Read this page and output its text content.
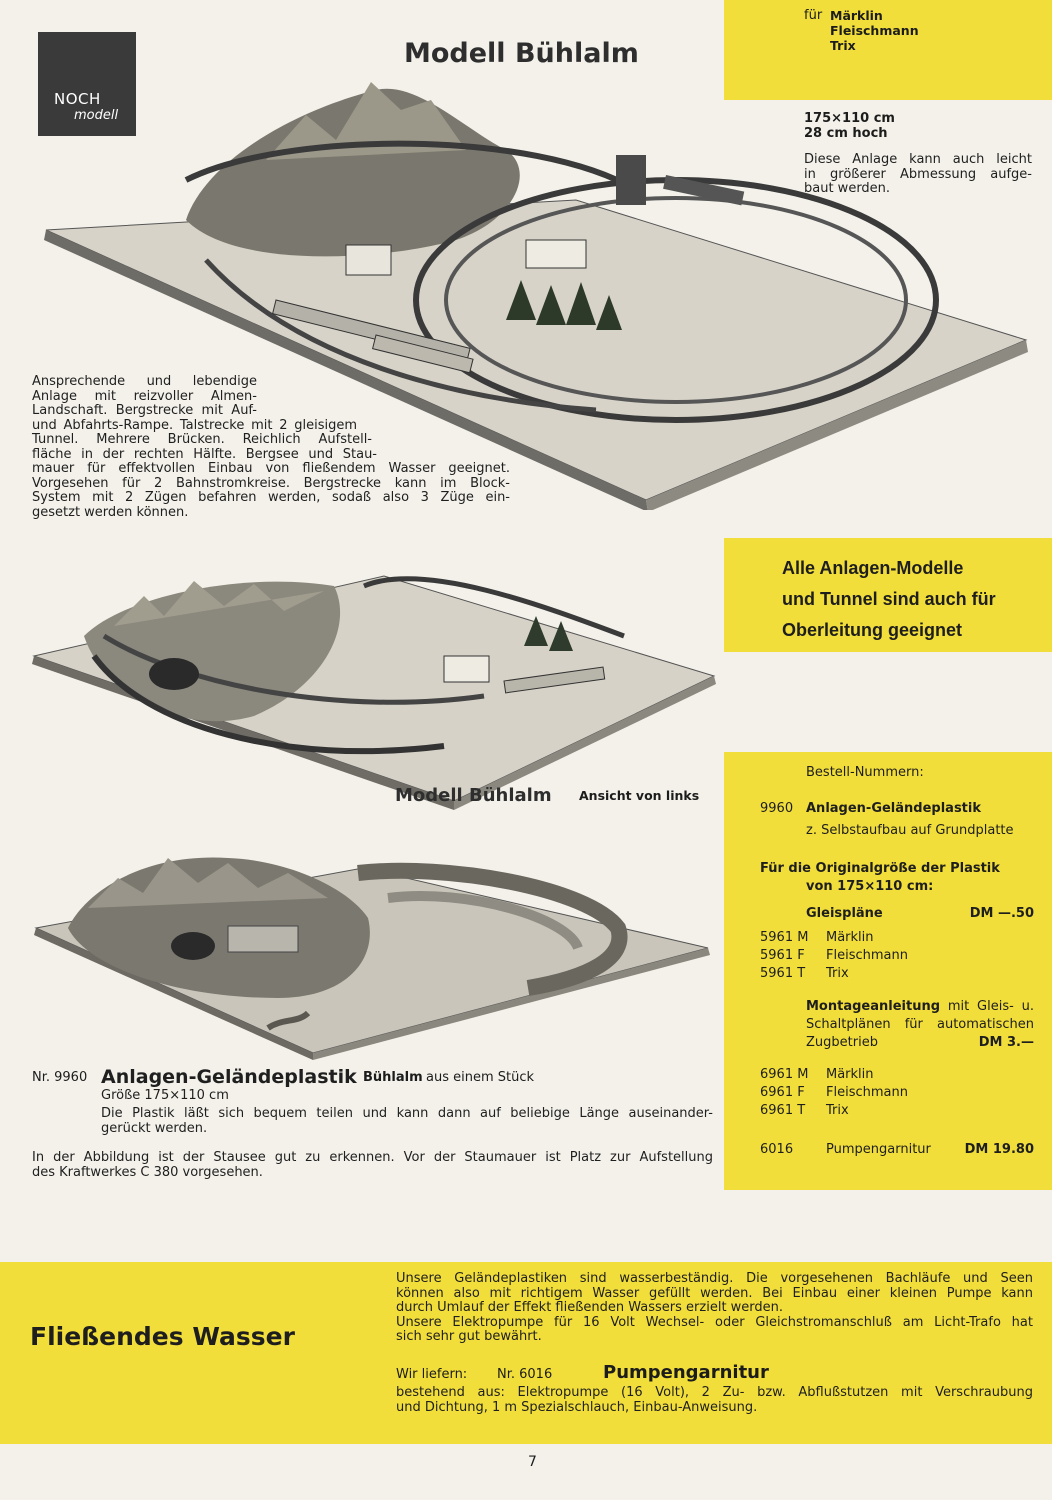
NOCH
modell
Modell Bühlalm
für Märklin
Fleischmann
Trix
175×110 cm
28 cm hoch
Diese Anlage kann auch leicht
in größerer Abmessung aufge-
baut werden.
Ansprechende und lebendige
Anlage mit reizvoller Almen-
Landschaft. Bergstrecke mit Auf-
und Abfahrts-Rampe. Talstrecke mit 2 gleisigem
Tunnel. Mehrere Brücken. Reichlich Aufstell-
fläche in der rechten Hälfte. Bergsee und Stau-
mauer für effektvollen Einbau von fließendem Wasser geeignet.
Vorgesehen für 2 Bahnstromkreise. Bergstrecke kann im Block-
System mit 2 Zügen befahren werden, sodaß also 3 Züge ein-
gesetzt werden können.
Alle Anlagen-Modelle
und Tunnel sind auch für
Oberleitung geeignet
Modell Bühlalm Ansicht von links
Nr. 9960 Anlagen-Geländeplastik Bühlalm aus einem Stück
Größe 175×110 cm
Die Plastik läßt sich bequem teilen und kann dann auf beliebige Länge auseinander-
gerückt werden.
In der Abbildung ist der Stausee gut zu erkennen. Vor der Staumauer ist Platz zur Aufstellung
des Kraftwerkes C 380 vorgesehen.
Bestell-Nummern:
9960 Anlagen-Geländeplastik
z. Selbstaufbau auf Grundplatte
Für die Originalgröße der Plastik
von 175×110 cm:
Gleispläne	DM —.50
5961 M	Märklin
5961 F	Fleischmann
5961 T	Trix
Montageanleitung mit Gleis- u.
Schaltplänen für automatischen
Zugbetrieb	DM 3.—
6961 M	Märklin
6961 F	Fleischmann
6961 T	Trix
6016	Pumpengarnitur	DM 19.80
Fließendes Wasser
Unsere Geländeplastiken sind wasserbeständig. Die vorgesehenen Bachläufe und Seen
können also mit richtigem Wasser gefüllt werden. Bei Einbau einer kleinen Pumpe kann
durch Umlauf der Effekt fließenden Wassers erzielt werden.
Unsere Elektropumpe für 16 Volt Wechsel- oder Gleichstromanschluß am Licht-Trafo hat
sich sehr gut bewährt.
Wir liefern: Nr. 6016	Pumpengarnitur
bestehend aus: Elektropumpe (16 Volt), 2 Zu- bzw. Abflußstutzen mit Verschraubung
und Dichtung, 1 m Spezialschlauch, Einbau-Anweisung.
7
